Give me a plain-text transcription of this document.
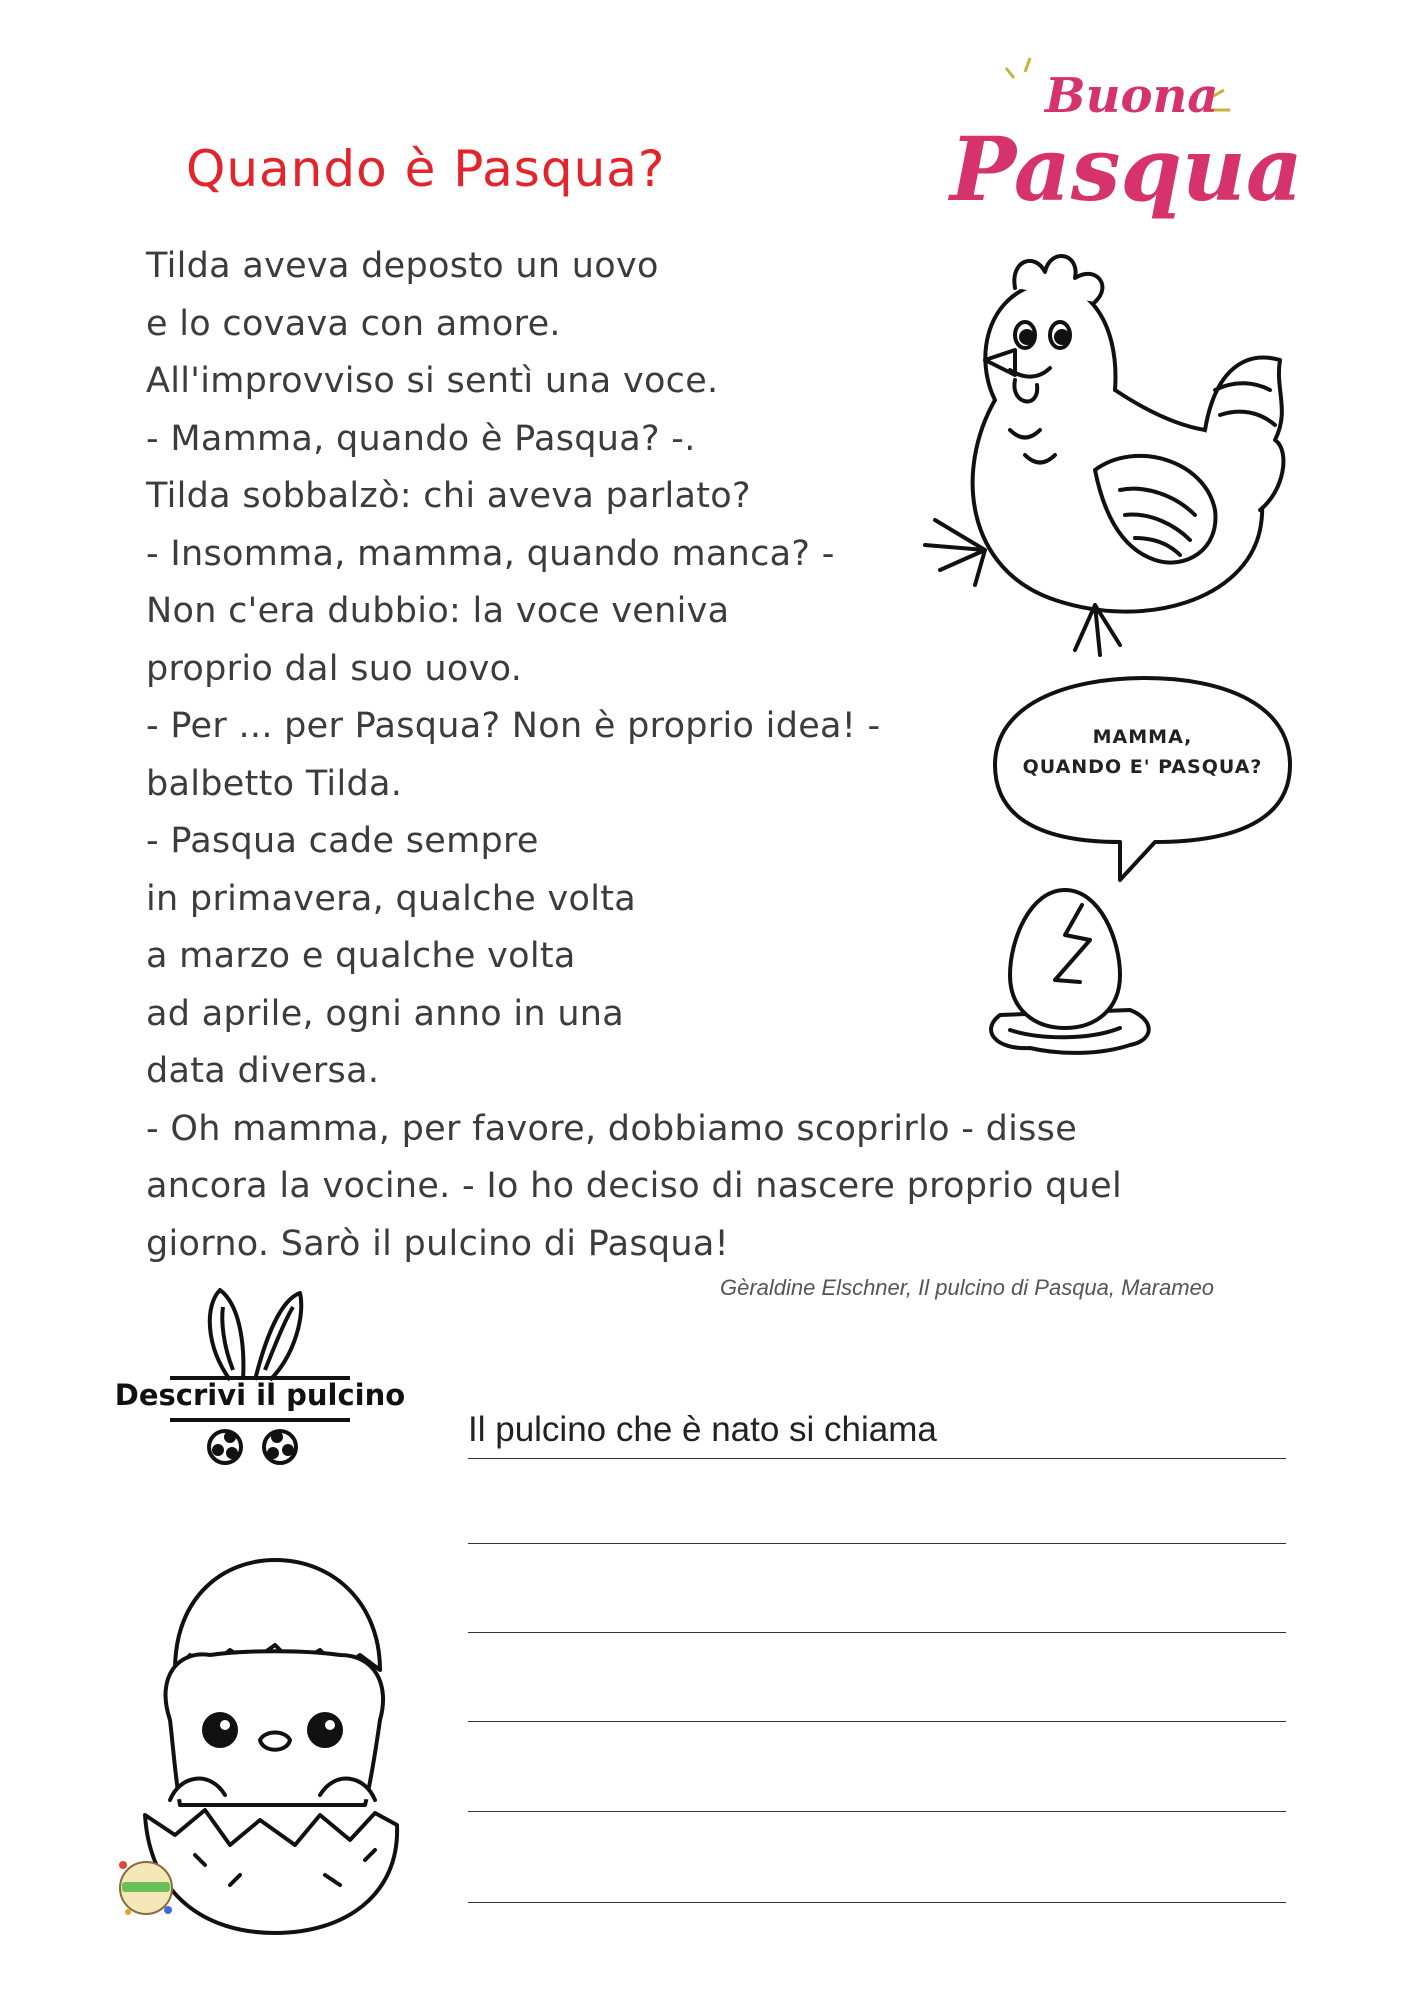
Quando è Pasqua?
Buona
Pasqua
Tilda aveva deposto un uovo
e lo covava con amore.
All'improvviso si sentì una voce.
- Mamma, quando è Pasqua? -.
Tilda sobbalzò: chi aveva parlato?
- Insomma, mamma, quando manca? -
Non c'era dubbio: la voce veniva
proprio dal suo uovo.
- Per ... per Pasqua? Non è proprio idea! -
balbetto Tilda.
- Pasqua cade sempre
in primavera, qualche volta
a marzo e qualche volta
ad aprile, ogni anno in una
data diversa.
- Oh mamma, per favore, dobbiamo scoprirlo - disse
ancora la vocine. - Io ho deciso di nascere proprio quel
giorno. Sarò il pulcino di Pasqua!
Gèraldine Elschner, Il pulcino di Pasqua, Marameo
MAMMA,
QUANDO E' PASQUA?
Descrivi il pulcino
Il pulcino che è nato si chiama
